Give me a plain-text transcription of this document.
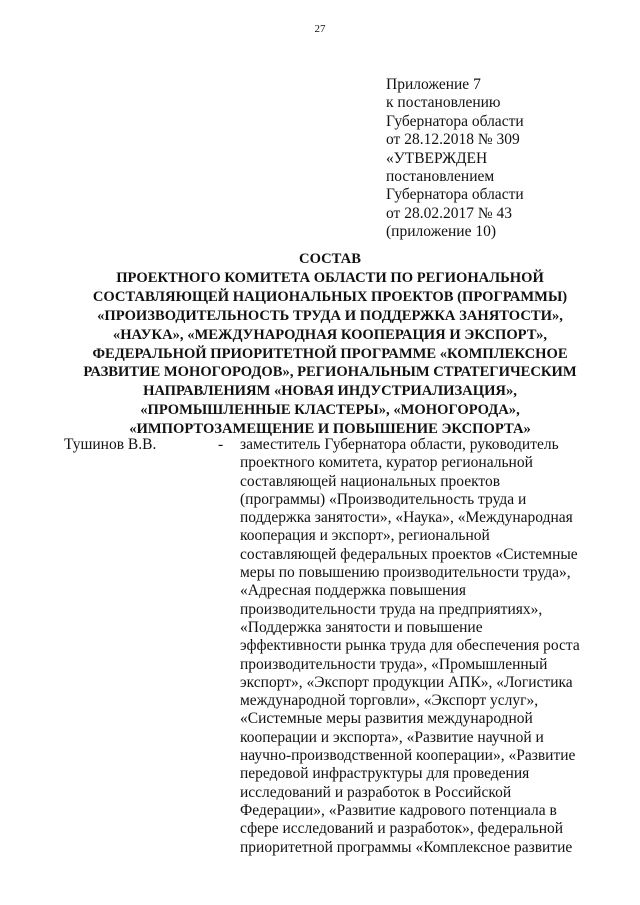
27
Приложение 7
к постановлению
Губернатора области
от 28.12.2018 № 309
«УТВЕРЖДЕН
постановлением
Губернатора области
от 28.02.2017 № 43
(приложение 10)
СОСТАВ
ПРОЕКТНОГО КОМИТЕТА ОБЛАСТИ ПО РЕГИОНАЛЬНОЙ
СОСТАВЛЯЮЩЕЙ НАЦИОНАЛЬНЫХ ПРОЕКТОВ (ПРОГРАММЫ)
«ПРОИЗВОДИТЕЛЬНОСТЬ ТРУДА И ПОДДЕРЖКА ЗАНЯТОСТИ»,
«НАУКА», «МЕЖДУНАРОДНАЯ КООПЕРАЦИЯ И ЭКСПОРТ»,
ФЕДЕРАЛЬНОЙ ПРИОРИТЕТНОЙ ПРОГРАММЕ «КОМПЛЕКСНОЕ
РАЗВИТИЕ МОНОГОРОДОВ», РЕГИОНАЛЬНЫМ СТРАТЕГИЧЕСКИМ
НАПРАВЛЕНИЯМ «НОВАЯ ИНДУСТРИАЛИЗАЦИЯ»,
«ПРОМЫШЛЕННЫЕ КЛАСТЕРЫ», «МОНОГОРОДА»,
«ИМПОРТОЗАМЕЩЕНИЕ И ПОВЫШЕНИЕ ЭКСПОРТА»
Тушинов В.В.	- заместитель Губернатора области, руководитель
проектного комитета, куратор региональной
составляющей национальных проектов
(программы) «Производительность труда и
поддержка занятости», «Наука», «Международная
кооперация и экспорт», региональной
составляющей федеральных проектов «Системные
меры по повышению производительности труда»,
«Адресная поддержка повышения
производительности труда на предприятиях»,
«Поддержка занятости и повышение
эффективности рынка труда для обеспечения роста
производительности труда», «Промышленный
экспорт», «Экспорт продукции АПК», «Логистика
международной торговли», «Экспорт услуг»,
«Системные меры развития международной
кооперации и экспорта», «Развитие научной и
научно-производственной кооперации», «Развитие
передовой инфраструктуры для проведения
исследований и разработок в Российской
Федерации», «Развитие кадрового потенциала в
сфере исследований и разработок», федеральной
приоритетной программы «Комплексное развитие
